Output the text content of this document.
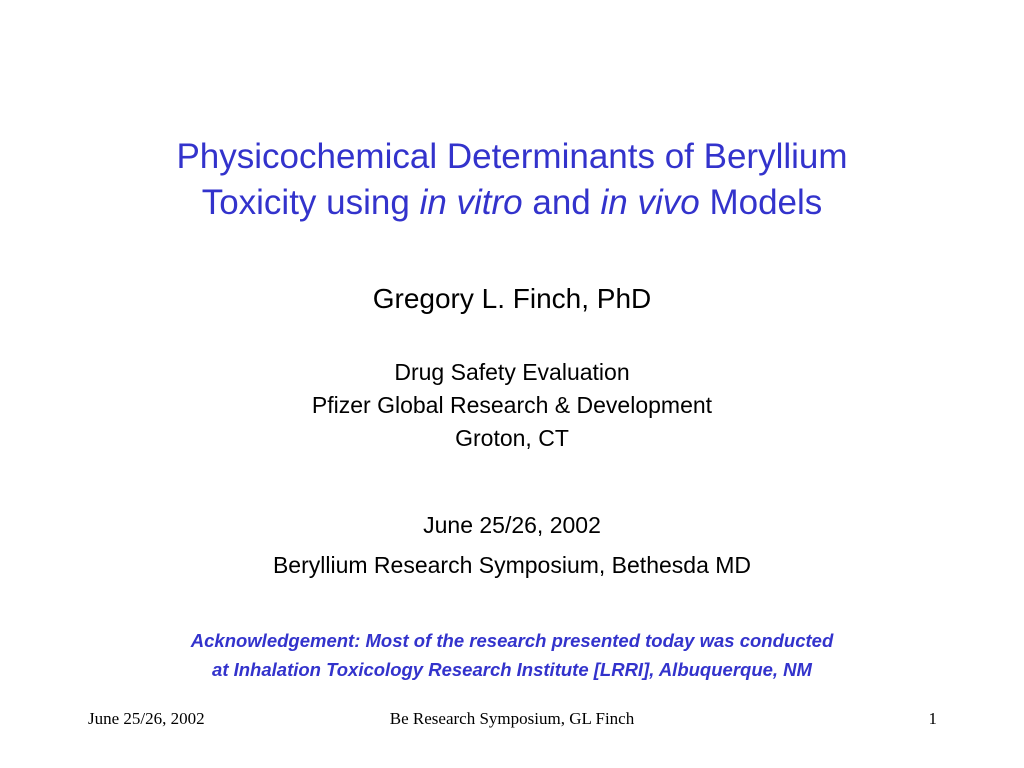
Physicochemical Determinants of Beryllium
Toxicity using in vitro and in vivo Models
Gregory L. Finch, PhD
Drug Safety Evaluation
Pfizer Global Research & Development
Groton, CT
June 25/26, 2002
Beryllium Research Symposium, Bethesda MD
Acknowledgement: Most of the research presented today was conducted
at Inhalation Toxicology Research Institute [LRRI], Albuquerque, NM
June 25/26, 2002	Be Research Symposium, GL Finch	1
